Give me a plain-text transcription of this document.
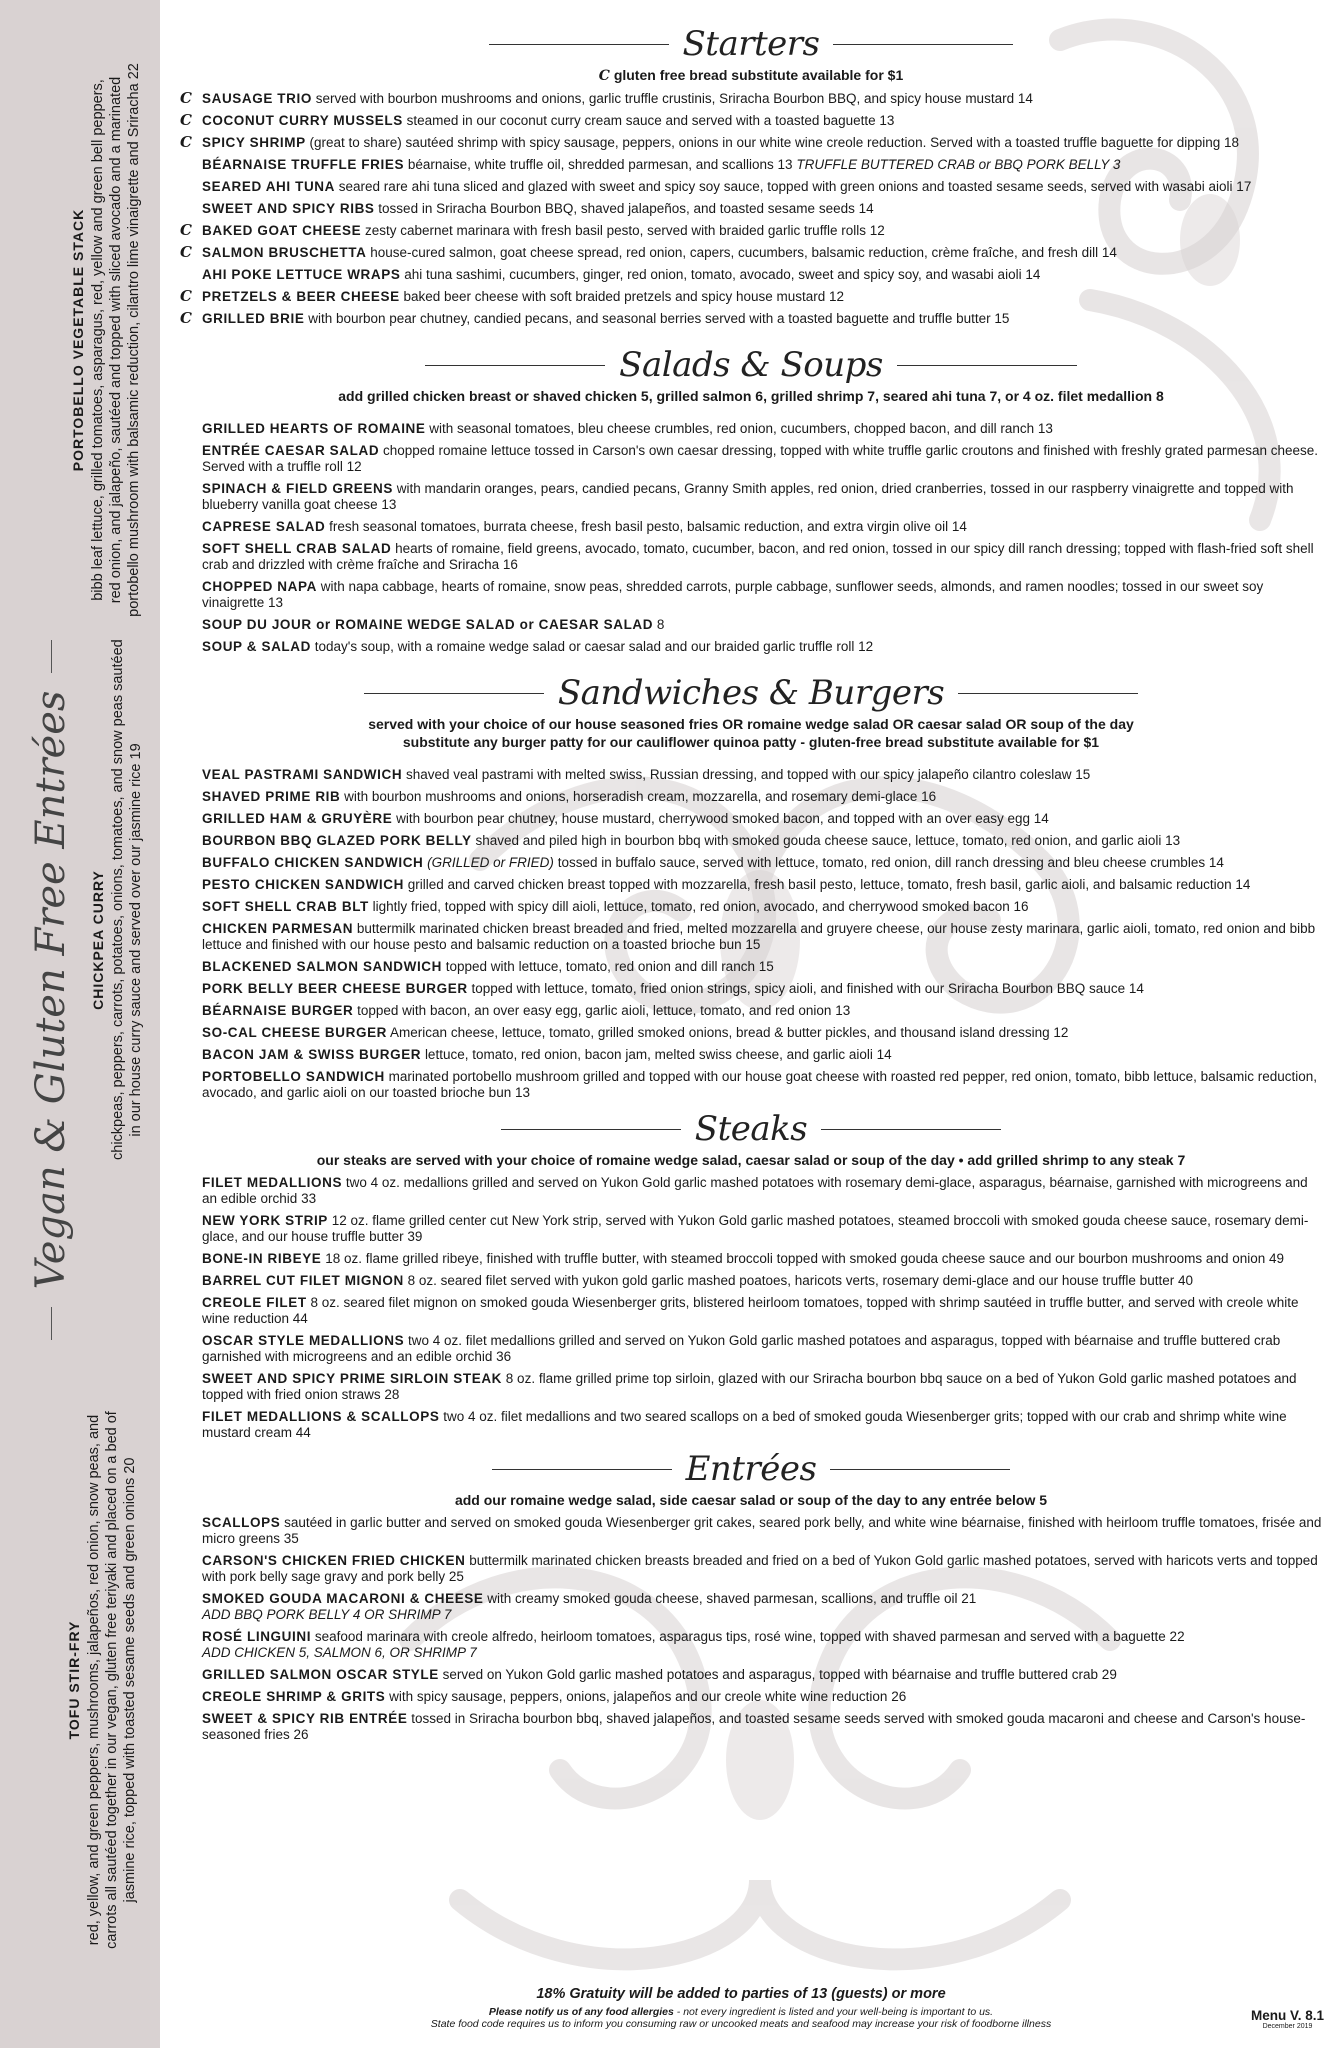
PORTOBELLO VEGETABLE STACK bibb leaf lettuce, grilled tomatoes, asparagus, red, yellow and green bell peppers, red onion, and jalapeño, sautéed and topped with sliced avocado and a marinated portobello mushroom with balsamic reduction, cilantro lime vinaigrette and Sriracha 22
Vegan & Gluten Free Entrées CHICKPEA CURRY chickpeas, peppers, carrots, potatoes, onions, tomatoes, and snow peas sautéed in our house curry sauce and served over our jasmine rice 19
TOFU STIR-FRY red, yellow, and green peppers, mushrooms, jalapeños, red onion, snow peas, and carrots all sautéed together in our vegan, gluten free teriyaki and placed on a bed of jasmine rice, topped with toasted sesame seeds and green onions 20
Starters
C gluten free bread substitute available for $1
C SAUSAGE TRIO served with bourbon mushrooms and onions, garlic truffle crustinis, Sriracha Bourbon BBQ, and spicy house mustard 14
C COCONUT CURRY MUSSELS steamed in our coconut curry cream sauce and served with a toasted baguette 13
C SPICY SHRIMP (great to share) sautéed shrimp with spicy sausage, peppers, onions in our white wine creole reduction. Served with a toasted truffle baguette for dipping 18
BÉARNAISE TRUFFLE FRIES béarnaise, white truffle oil, shredded parmesan, and scallions 13 TRUFFLE BUTTERED CRAB or BBQ PORK BELLY 3
SEARED AHI TUNA seared rare ahi tuna sliced and glazed with sweet and spicy soy sauce, topped with green onions and toasted sesame seeds, served with wasabi aioli 17
SWEET AND SPICY RIBS tossed in Sriracha Bourbon BBQ, shaved jalapeños, and toasted sesame seeds 14
C BAKED GOAT CHEESE zesty cabernet marinara with fresh basil pesto, served with braided garlic truffle rolls 12
C SALMON BRUSCHETTA house-cured salmon, goat cheese spread, red onion, capers, cucumbers, balsamic reduction, crème fraîche, and fresh dill 14
AHI POKE LETTUCE WRAPS ahi tuna sashimi, cucumbers, ginger, red onion, tomato, avocado, sweet and spicy soy, and wasabi aioli 14
C PRETZELS & BEER CHEESE baked beer cheese with soft braided pretzels and spicy house mustard 12
C GRILLED BRIE with bourbon pear chutney, candied pecans, and seasonal berries served with a toasted baguette and truffle butter 15
Salads & Soups
add grilled chicken breast or shaved chicken 5, grilled salmon 6, grilled shrimp 7, seared ahi tuna 7, or 4 oz. filet medallion 8
GRILLED HEARTS OF ROMAINE with seasonal tomatoes, bleu cheese crumbles, red onion, cucumbers, chopped bacon, and dill ranch 13
ENTRÉE CAESAR SALAD chopped romaine lettuce tossed in Carson's own caesar dressing, topped with white truffle garlic croutons and finished with freshly grated parmesan cheese. Served with a truffle roll 12
SPINACH & FIELD GREENS with mandarin oranges, pears, candied pecans, Granny Smith apples, red onion, dried cranberries, tossed in our raspberry vinaigrette and topped with blueberry vanilla goat cheese 13
CAPRESE SALAD fresh seasonal tomatoes, burrata cheese, fresh basil pesto, balsamic reduction, and extra virgin olive oil 14
SOFT SHELL CRAB SALAD hearts of romaine, field greens, avocado, tomato, cucumber, bacon, and red onion, tossed in our spicy dill ranch dressing; topped with flash-fried soft shell crab and drizzled with crème fraîche and Sriracha 16
CHOPPED NAPA with napa cabbage, hearts of romaine, snow peas, shredded carrots, purple cabbage, sunflower seeds, almonds, and ramen noodles; tossed in our sweet soy vinaigrette 13
SOUP DU JOUR or ROMAINE WEDGE SALAD or CAESAR SALAD 8
SOUP & SALAD today's soup, with a romaine wedge salad or caesar salad and our braided garlic truffle roll 12
Sandwiches & Burgers
served with your choice of our house seasoned fries OR romaine wedge salad OR caesar salad OR soup of the day
substitute any burger patty for our cauliflower quinoa patty - gluten-free bread substitute available for $1
VEAL PASTRAMI SANDWICH shaved veal pastrami with melted swiss, Russian dressing, and topped with our spicy jalapeño cilantro coleslaw 15
SHAVED PRIME RIB with bourbon mushrooms and onions, horseradish cream, mozzarella, and rosemary demi-glace 16
GRILLED HAM & GRUYÈRE with bourbon pear chutney, house mustard, cherrywood smoked bacon, and topped with an over easy egg 14
BOURBON BBQ GLAZED PORK BELLY shaved and piled high in bourbon bbq with smoked gouda cheese sauce, lettuce, tomato, red onion, and garlic aioli 13
BUFFALO CHICKEN SANDWICH (GRILLED or FRIED) tossed in buffalo sauce, served with lettuce, tomato, red onion, dill ranch dressing and bleu cheese crumbles 14
PESTO CHICKEN SANDWICH grilled and carved chicken breast topped with mozzarella, fresh basil pesto, lettuce, tomato, fresh basil, garlic aioli, and balsamic reduction 14
SOFT SHELL CRAB BLT lightly fried, topped with spicy dill aioli, lettuce, tomato, red onion, avocado, and cherrywood smoked bacon 16
CHICKEN PARMESAN buttermilk marinated chicken breast breaded and fried, melted mozzarella and gruyere cheese, our house zesty marinara, garlic aioli, tomato, red onion and bibb lettuce and finished with our house pesto and balsamic reduction on a toasted brioche bun 15
BLACKENED SALMON SANDWICH topped with lettuce, tomato, red onion and dill ranch 15
PORK BELLY BEER CHEESE BURGER topped with lettuce, tomato, fried onion strings, spicy aioli, and finished with our Sriracha Bourbon BBQ sauce 14
BÉARNAISE BURGER topped with bacon, an over easy egg, garlic aioli, lettuce, tomato, and red onion 13
SO-CAL CHEESE BURGER American cheese, lettuce, tomato, grilled smoked onions, bread & butter pickles, and thousand island dressing 12
BACON JAM & SWISS BURGER lettuce, tomato, red onion, bacon jam, melted swiss cheese, and garlic aioli 14
PORTOBELLO SANDWICH marinated portobello mushroom grilled and topped with our house goat cheese with roasted red pepper, red onion, tomato, bibb lettuce, balsamic reduction, avocado, and garlic aioli on our toasted brioche bun 13
Steaks
our steaks are served with your choice of romaine wedge salad, caesar salad or soup of the day • add grilled shrimp to any steak 7
FILET MEDALLIONS two 4 oz. medallions grilled and served on Yukon Gold garlic mashed potatoes with rosemary demi-glace, asparagus, béarnaise, garnished with microgreens and an edible orchid 33
NEW YORK STRIP 12 oz. flame grilled center cut New York strip, served with Yukon Gold garlic mashed potatoes, steamed broccoli with smoked gouda cheese sauce, rosemary demi-glace, and our house truffle butter 39
BONE-IN RIBEYE 18 oz. flame grilled ribeye, finished with truffle butter, with steamed broccoli topped with smoked gouda cheese sauce and our bourbon mushrooms and onion 49
BARREL CUT FILET MIGNON 8 oz. seared filet served with yukon gold garlic mashed poatoes, haricots verts, rosemary demi-glace and our house truffle butter 40
CREOLE FILET 8 oz. seared filet mignon on smoked gouda Wiesenberger grits, blistered heirloom tomatoes, topped with shrimp sautéed in truffle butter, and served with creole white wine reduction 44
OSCAR STYLE MEDALLIONS two 4 oz. filet medallions grilled and served on Yukon Gold garlic mashed potatoes and asparagus, topped with béarnaise and truffle buttered crab garnished with microgreens and an edible orchid 36
SWEET AND SPICY PRIME SIRLOIN STEAK 8 oz. flame grilled prime top sirloin, glazed with our Sriracha bourbon bbq sauce on a bed of Yukon Gold garlic mashed potatoes and topped with fried onion straws 28
FILET MEDALLIONS & SCALLOPS two 4 oz. filet medallions and two seared scallops on a bed of smoked gouda Wiesenberger grits; topped with our crab and shrimp white wine mustard cream 44
Entrées
add our romaine wedge salad, side caesar salad or soup of the day to any entrée below 5
SCALLOPS sautéed in garlic butter and served on smoked gouda Wiesenberger grit cakes, seared pork belly, and white wine béarnaise, finished with heirloom truffle tomatoes, frisée and micro greens 35
CARSON'S CHICKEN FRIED CHICKEN buttermilk marinated chicken breasts breaded and fried on a bed of Yukon Gold garlic mashed potatoes, served with haricots verts and topped with pork belly sage gravy and pork belly 25
SMOKED GOUDA MACARONI & CHEESE with creamy smoked gouda cheese, shaved parmesan, scallions, and truffle oil 21
ADD BBQ PORK BELLY 4 OR SHRIMP 7
ROSÉ LINGUINI seafood marinara with creole alfredo, heirloom tomatoes, asparagus tips, rosé wine, topped with shaved parmesan and served with a baguette 22
ADD CHICKEN 5, SALMON 6, OR SHRIMP 7
GRILLED SALMON OSCAR STYLE served on Yukon Gold garlic mashed potatoes and asparagus, topped with béarnaise and truffle buttered crab 29
CREOLE SHRIMP & GRITS with spicy sausage, peppers, onions, jalapeños and our creole white wine reduction 26
SWEET & SPICY RIB ENTRÉE tossed in Sriracha bourbon bbq, shaved jalapeños, and toasted sesame seeds served with smoked gouda macaroni and cheese and Carson's house-seasoned fries 26
18% Gratuity will be added to parties of 13 (guests) or more
Please notify us of any food allergies - not every ingredient is listed and your well-being is important to us.
State food code requires us to inform you consuming raw or uncooked meats and seafood may increase your risk of foodborne illness
Menu V. 8.1
December 2019
